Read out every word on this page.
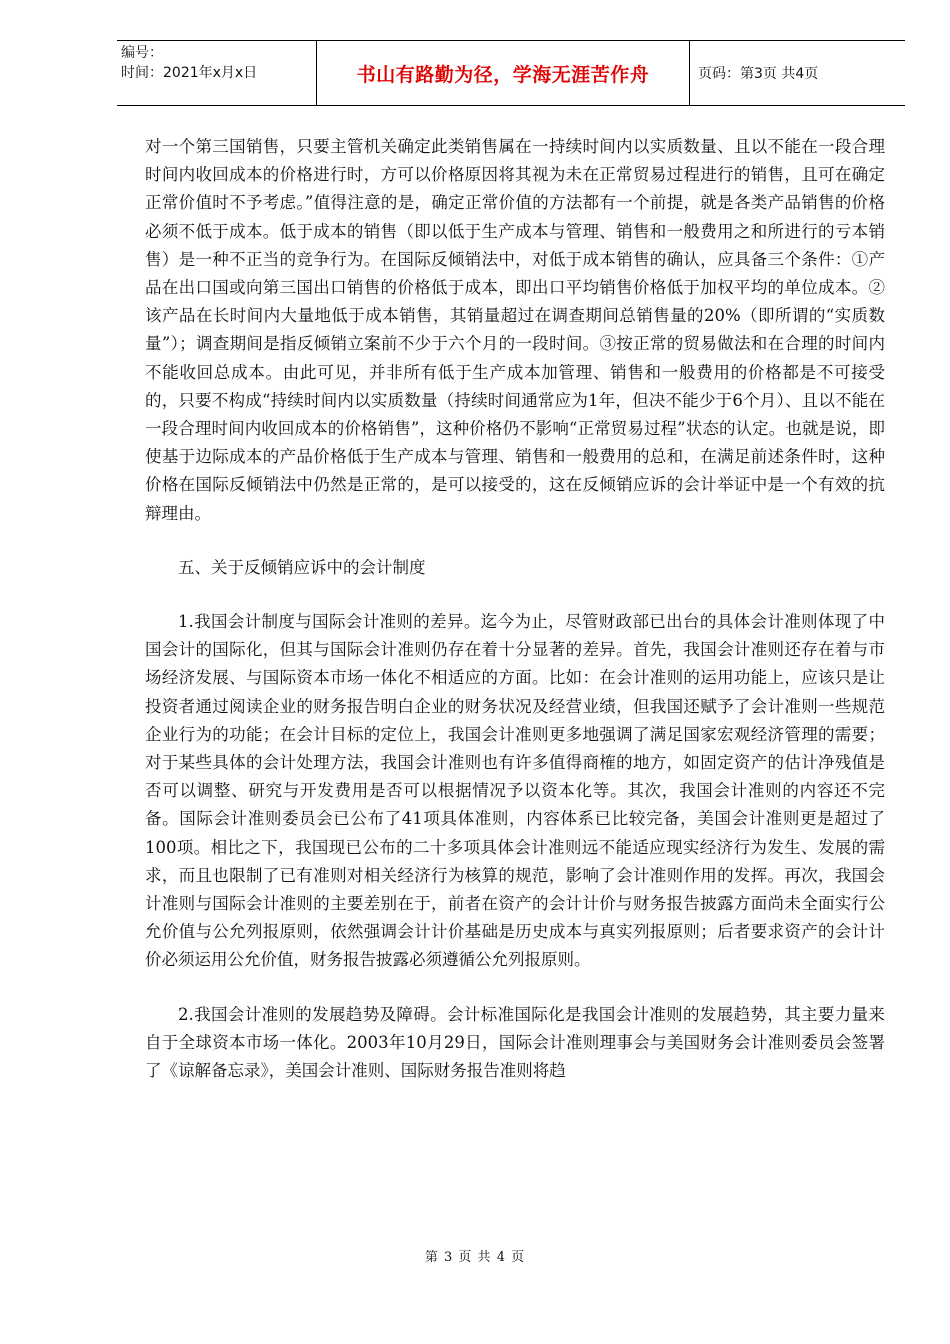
编号：
时间：2021年x月x日	书山有路勤为径，学海无涯苦作舟	页码：第3页 共4页

对一个第三国销售，只要主管机关确定此类销售属在一持续时间内以实质数量、且以不能在一段合理时间内收回成本的价格进行时，方可以价格原因将其视为未在正常贸易过程进行的销售，且可在确定正常价值时不予考虑。”值得注意的是，确定正常价值的方法都有一个前提，就是各类产品销售的价格必须不低于成本。低于成本的销售（即以低于生产成本与管理、销售和一般费用之和所进行的亏本销售）是一种不正当的竞争行为。在国际反倾销法中，对低于成本销售的确认，应具备三个条件：①产品在出口国或向第三国出口销售的价格低于成本，即出口平均销售价格低于加权平均的单位成本。②该产品在长时间内大量地低于成本销售，其销量超过在调查期间总销售量的20%（即所谓的“实质数量”）；调查期间是指反倾销立案前不少于六个月的一段时间。③按正常的贸易做法和在合理的时间内不能收回总成本。由此可见，并非所有低于生产成本加管理、销售和一般费用的价格都是不可接受的，只要不构成“持续时间内以实质数量（持续时间通常应为1年，但决不能少于6个月）、且以不能在一段合理时间内收回成本的价格销售”，这种价格仍不影响“正常贸易过程”状态的认定。也就是说，即使基于边际成本的产品价格低于生产成本与管理、销售和一般费用的总和，在满足前述条件时，这种价格在国际反倾销法中仍然是正常的，是可以接受的，这在反倾销应诉的会计举证中是一个有效的抗辩理由。

五、关于反倾销应诉中的会计制度

1.我国会计制度与国际会计准则的差异。迄今为止，尽管财政部已出台的具体会计准则体现了中国会计的国际化，但其与国际会计准则仍存在着十分显著的差异。首先，我国会计准则还存在着与市场经济发展、与国际资本市场一体化不相适应的方面。比如：在会计准则的运用功能上，应该只是让投资者通过阅读企业的财务报告明白企业的财务状况及经营业绩，但我国还赋予了会计准则一些规范企业行为的功能；在会计目标的定位上，我国会计准则更多地强调了满足国家宏观经济管理的需要；对于某些具体的会计处理方法，我国会计准则也有许多值得商榷的地方，如固定资产的估计净残值是否可以调整、研究与开发费用是否可以根据情况予以资本化等。其次，我国会计准则的内容还不完备。国际会计准则委员会已公布了41项具体准则，内容体系已比较完备，美国会计准则更是超过了100项。相比之下，我国现已公布的二十多项具体会计准则远不能适应现实经济行为发生、发展的需求，而且也限制了已有准则对相关经济行为核算的规范，影响了会计准则作用的发挥。再次，我国会计准则与国际会计准则的主要差别在于，前者在资产的会计计价与财务报告披露方面尚未全面实行公允价值与公允列报原则，依然强调会计计价基础是历史成本与真实列报原则；后者要求资产的会计计价必须运用公允价值，财务报告披露必须遵循公允列报原则。

2.我国会计准则的发展趋势及障碍。会计标准国际化是我国会计准则的发展趋势，其主要力量来自于全球资本市场一体化。2003年10月29日，国际会计准则理事会与美国财务会计准则委员会签署了《谅解备忘录》，美国会计准则、国际财务报告准则将趋

第 3 页 共 4 页
